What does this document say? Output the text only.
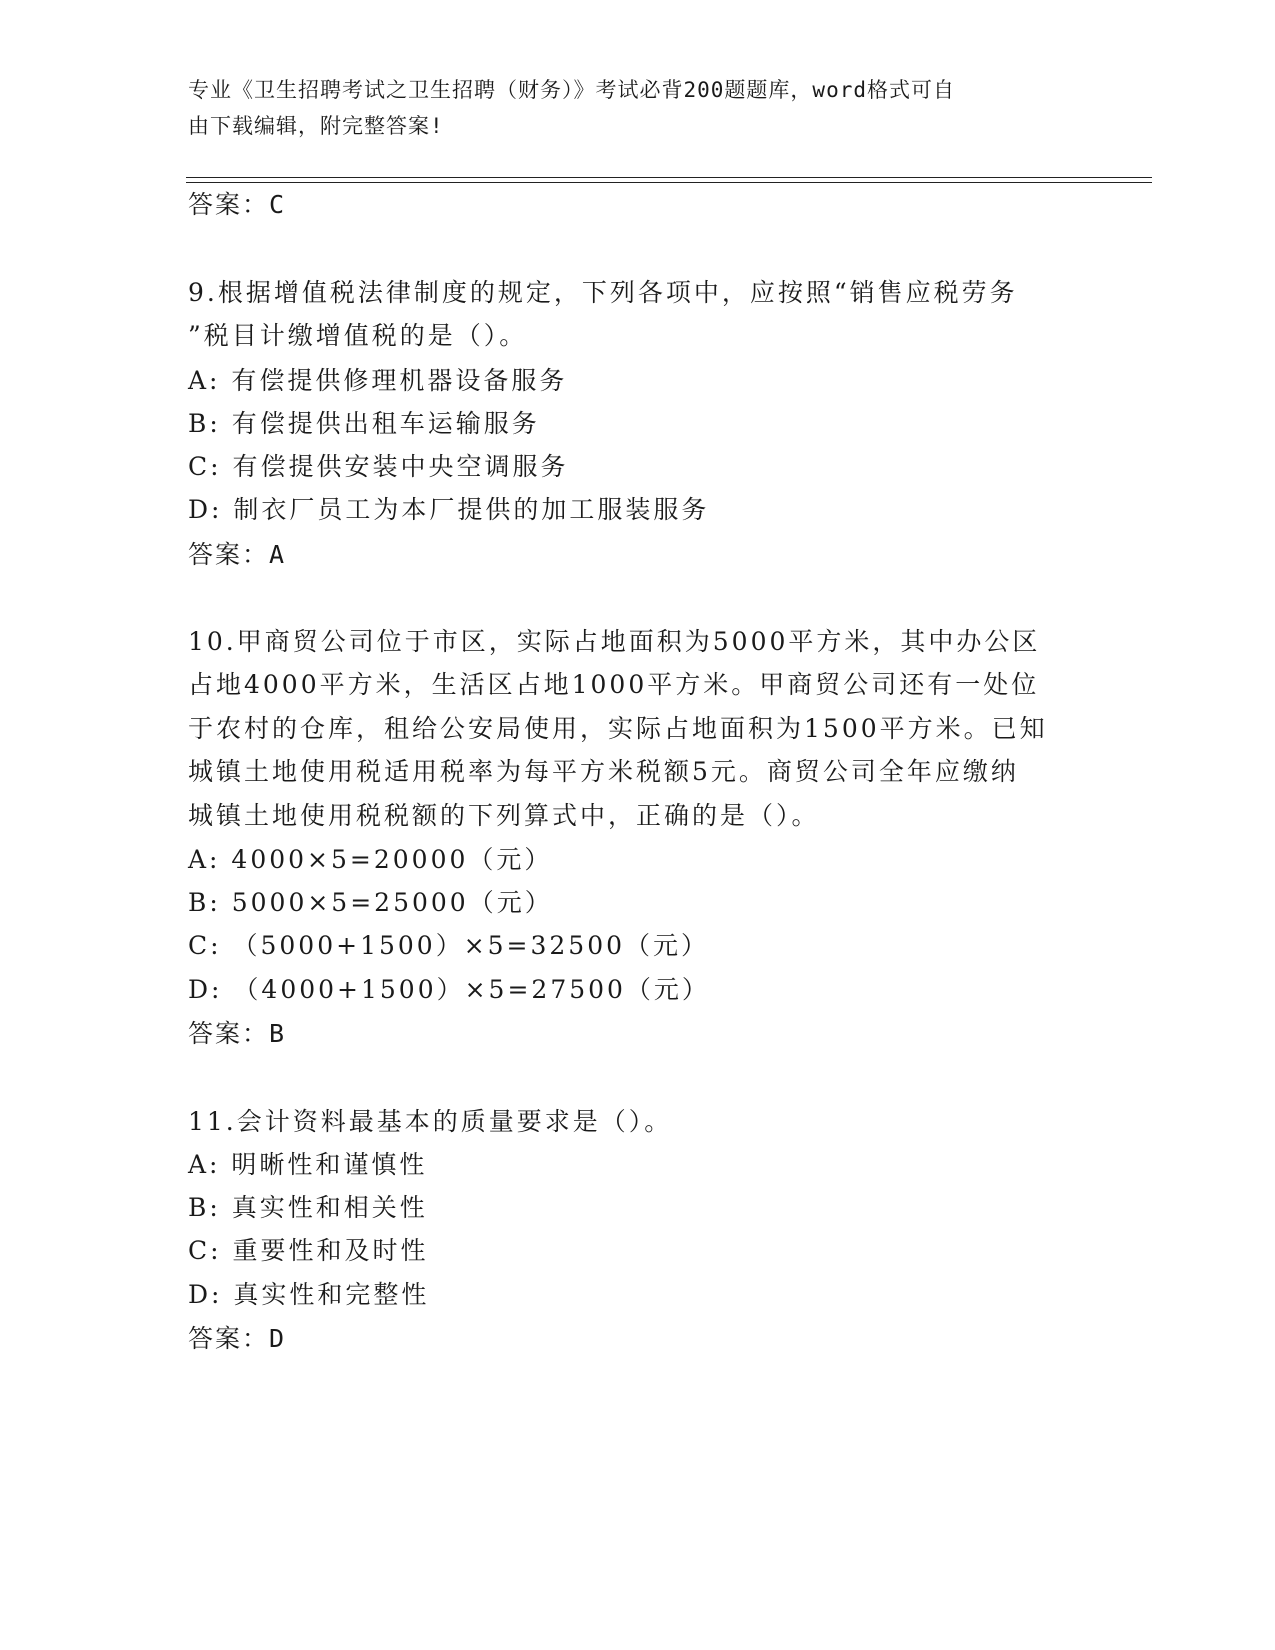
专业《卫生招聘考试之卫生招聘（财务）》考试必背200题题库，word格式可自
由下载编辑，附完整答案!
答案：C
9.根据增值税法律制度的规定，下列各项中，应按照“销售应税劳务
”税目计缴增值税的是（）。
A: 有偿提供修理机器设备服务
B: 有偿提供出租车运输服务
C: 有偿提供安装中央空调服务
D: 制衣厂员工为本厂提供的加工服装服务
答案：A
10.甲商贸公司位于市区，实际占地面积为5000平方米，其中办公区
占地4000平方米，生活区占地1000平方米。甲商贸公司还有一处位
于农村的仓库，租给公安局使用，实际占地面积为1500平方米。已知
城镇土地使用税适用税率为每平方米税额5元。商贸公司全年应缴纳
城镇土地使用税税额的下列算式中，正确的是（）。
A: 4000×5=20000（元）
B: 5000×5=25000（元）
C: （5000+1500）×5=32500（元）
D: （4000+1500）×5=27500（元）
答案：B
11.会计资料最基本的质量要求是（）。
A: 明晰性和谨慎性
B: 真实性和相关性
C: 重要性和及时性
D: 真实性和完整性
答案：D
